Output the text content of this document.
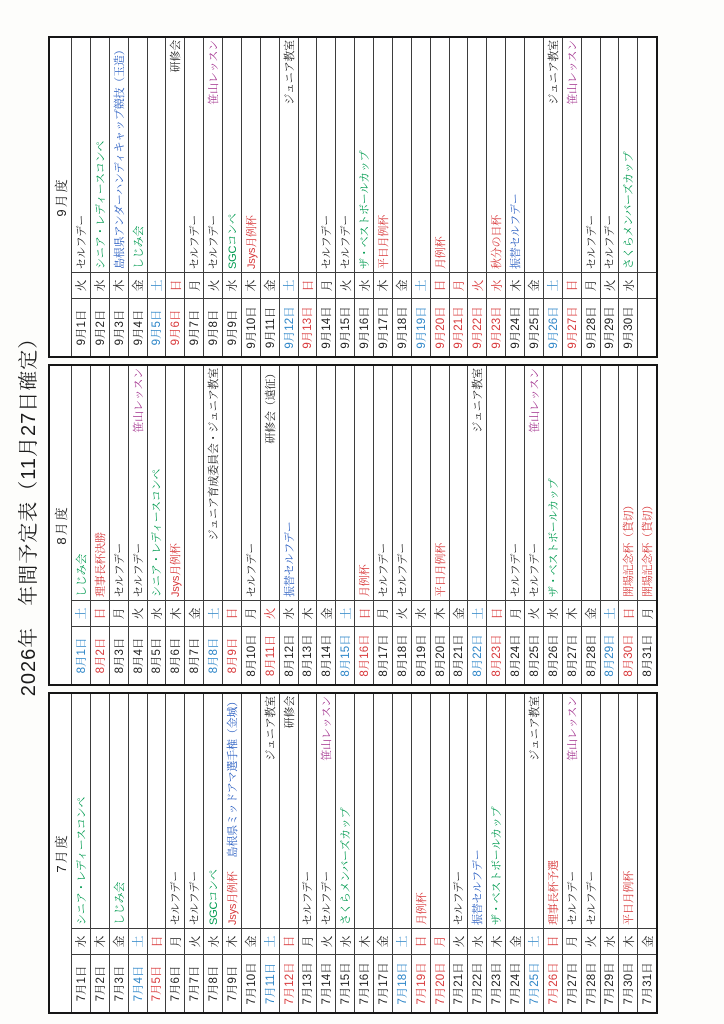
2026年　年間予定表（11月27日確定）
7月度
7月1日
水
シニア・レディースコンペ
7月2日
木
7月3日
金
しじみ会
7月4日
土
7月5日
日
7月6日
月
セルフデー
7月7日
火
セルフデー
7月8日
水
SGCコンペ
7月9日
木
Jsys月例杯
島根県ミッドアマ選手権（金城）
7月10日
金
7月11日
土
ジュニア教室
7月12日
日
研修会
7月13日
月
セルフデー
7月14日
火
セルフデー
笹山レッスン
7月15日
水
さくらメンバーズカップ
7月16日
木
7月17日
金
7月18日
土
7月19日
日
月例杯
7月20日
月
7月21日
火
セルフデー
7月22日
水
振替セルフデー
7月23日
木
ザ・ベストボールカップ
7月24日
金
7月25日
土
ジュニア教室
7月26日
日
理事長杯予選
7月27日
月
セルフデー
笹山レッスン
7月28日
火
セルフデー
7月29日
水
7月30日
木
平日月例杯
7月31日
金
8月度
8月1日
土
しじみ会
8月2日
日
理事長杯決勝
8月3日
月
セルフデー
8月4日
火
セルフデー
笹山レッスン
8月5日
水
シニア・レディースコンペ
8月6日
木
Jsys月例杯
8月7日
金
8月8日
土
ジュニア育成委員会・ジュニア教室
8月9日
日
8月10日
月
セルフデー
8月11日
火
研修会（遠征）
8月12日
水
振替セルフデー
8月13日
木
8月14日
金
8月15日
土
8月16日
日
月例杯
8月17日
月
セルフデー
8月18日
火
セルフデー
8月19日
水
8月20日
木
平日月例杯
8月21日
金
8月22日
土
ジュニア教室
8月23日
日
8月24日
月
セルフデー
8月25日
火
セルフデー
笹山レッスン
8月26日
水
ザ・ベストボールカップ
8月27日
木
8月28日
金
8月29日
土
8月30日
日
開場記念杯（貸切）
8月31日
月
開場記念杯（貸切）
9月度
9月1日
火
セルフデー
9月2日
水
シニア・レディースコンペ
9月3日
木
島根県アンダーハンディキャップ競技（玉造）
9月4日
金
しじみ会
9月5日
土
9月6日
日
研修会
9月7日
月
セルフデー
9月8日
火
セルフデー
笹山レッスン
9月9日
水
SGCコンペ
9月10日
木
Jsys月例杯
9月11日
金
9月12日
土
ジュニア教室
9月13日
日
9月14日
月
セルフデー
9月15日
火
セルフデー
9月16日
水
ザ・ベストボールカップ
9月17日
木
平日月例杯
9月18日
金
9月19日
土
9月20日
日
月例杯
9月21日
月
9月22日
火
9月23日
水
秋分の日杯
9月24日
木
振替セルフデー
9月25日
金
9月26日
土
ジュニア教室
9月27日
日
笹山レッスン
9月28日
月
セルフデー
9月29日
火
セルフデー
9月30日
水
さくらメンバーズカップ
